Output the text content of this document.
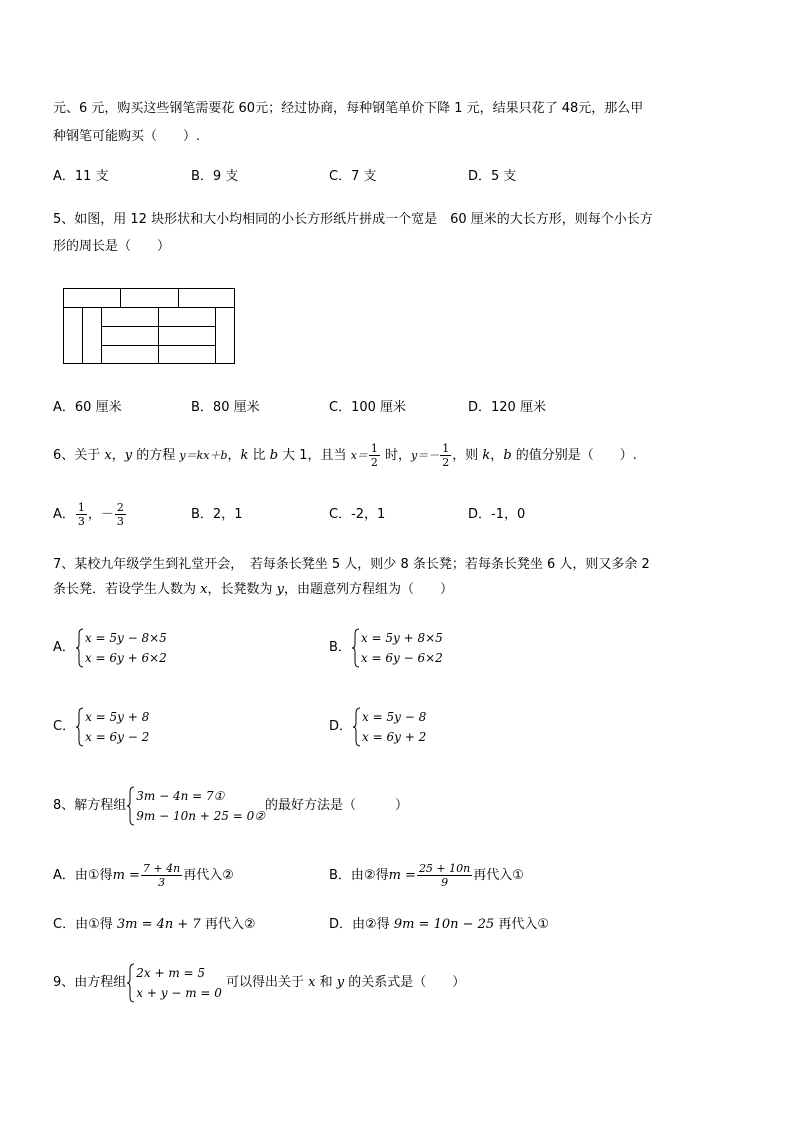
元、6 元，购买这些钢笔需要花 60元；经过协商，每种钢笔单价下降 1 元，结果只花了 48元，那么甲
种钢笔可能购买（　　）.
A．11 支	B．9 支	C．7 支	D．5 支
5、如图，用 12 块形状和大小均相同的小长方形纸片拼成一个宽是　60 厘米的大长方形，则每个小长方
形的周长是（　　）
A．60 厘米	B．80 厘米	C．100 厘米	D．120 厘米
6、关于 x，y 的方程 y＝kx＋b，k 比 b 大 1，且当 $x= \frac{1}{2}$ 时，$y=- \frac{1}{2}$ ，则 k，b 的值分别是（　　）.
A． $\frac{1}{3}$ ，－ $\frac{2}{3}$	B．2，1	C．-2，1	D．-1，0
7、某校九年级学生到礼堂开会，　若每条长凳坐 5 人，则少 8 条长凳；若每条长凳坐 6 人，则又多余 2
条长凳．若设学生人数为 x，长凳数为 y，由题意列方程组为（　　）
A．
x = 5y − 8×5
x = 6y + 6×2
B．
x = 5y + 8×5
x = 6y − 6×2
C．
x = 5y + 8
x = 6y − 2
D．
x = 5y − 8
x = 6y + 2
8、解方程组
3m − 4n = 7①
9m − 10n + 25 = 0②
的最好方法是（　　　）
A．由①得$m = \frac{7 + 4n}{3}$ 再代入②	B．由②得$m = \frac{25 + 10n}{9}$ 再代入①
C．由①得 3m = 4n + 7 再代入②	D．由②得 9m = 10n − 25 再代入①
9、由方程组
2x + m = 5
x + y − m = 0
可以得出关于 x 和 y 的关系式是（　　）
